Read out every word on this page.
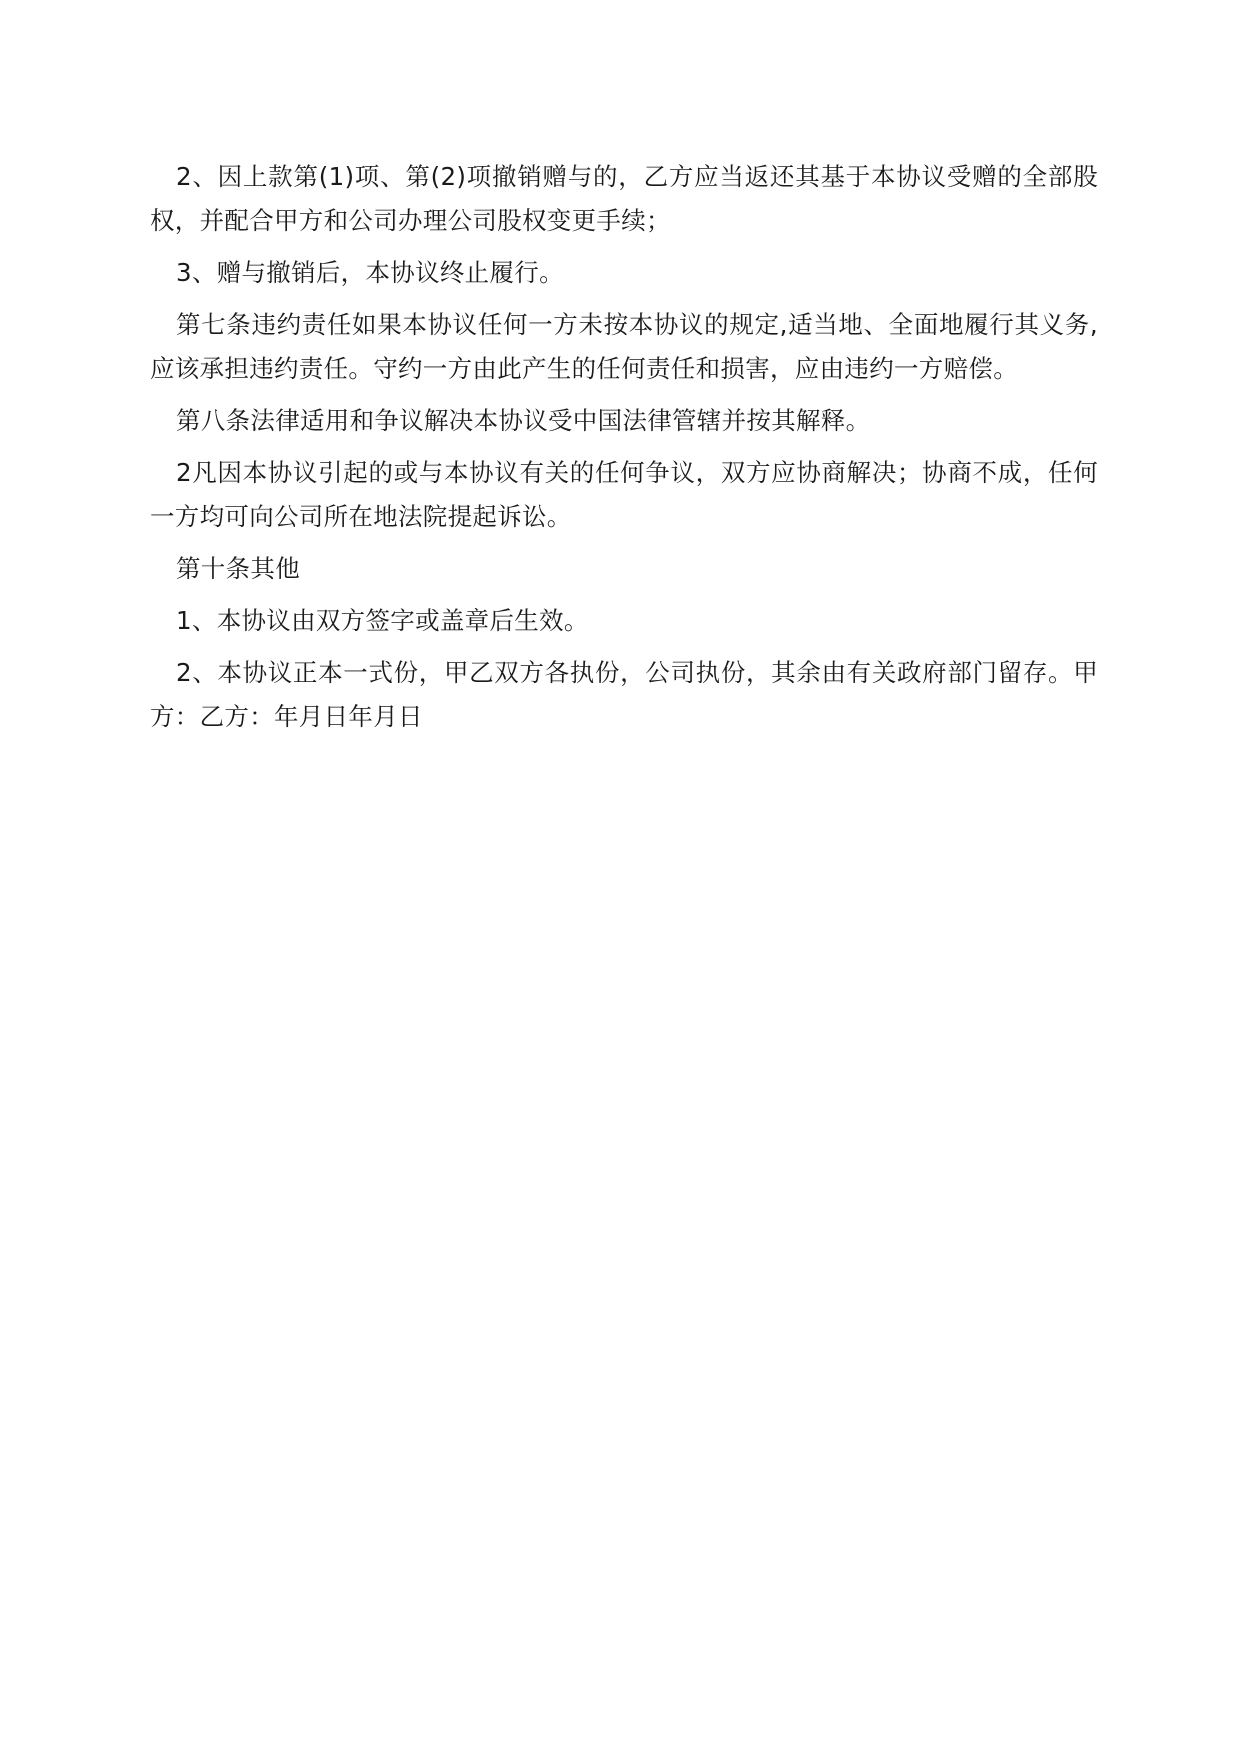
2、因上款第(1)项、第(2)项撤销赠与的，乙方应当返还其基于本协议受赠的全部股权，并配合甲方和公司办理公司股权变更手续；

3、赠与撤销后，本协议终止履行。

第七条违约责任如果本协议任何一方未按本协议的规定,适当地、全面地履行其义务,应该承担违约责任。守约一方由此产生的任何责任和损害，应由违约一方赔偿。

第八条法律适用和争议解决本协议受中国法律管辖并按其解释。

2凡因本协议引起的或与本协议有关的任何争议，双方应协商解决；协商不成，任何一方均可向公司所在地法院提起诉讼。

第十条其他

1、本协议由双方签字或盖章后生效。

2、本协议正本一式份，甲乙双方各执份，公司执份，其余由有关政府部门留存。甲方：乙方：年月日年月日
